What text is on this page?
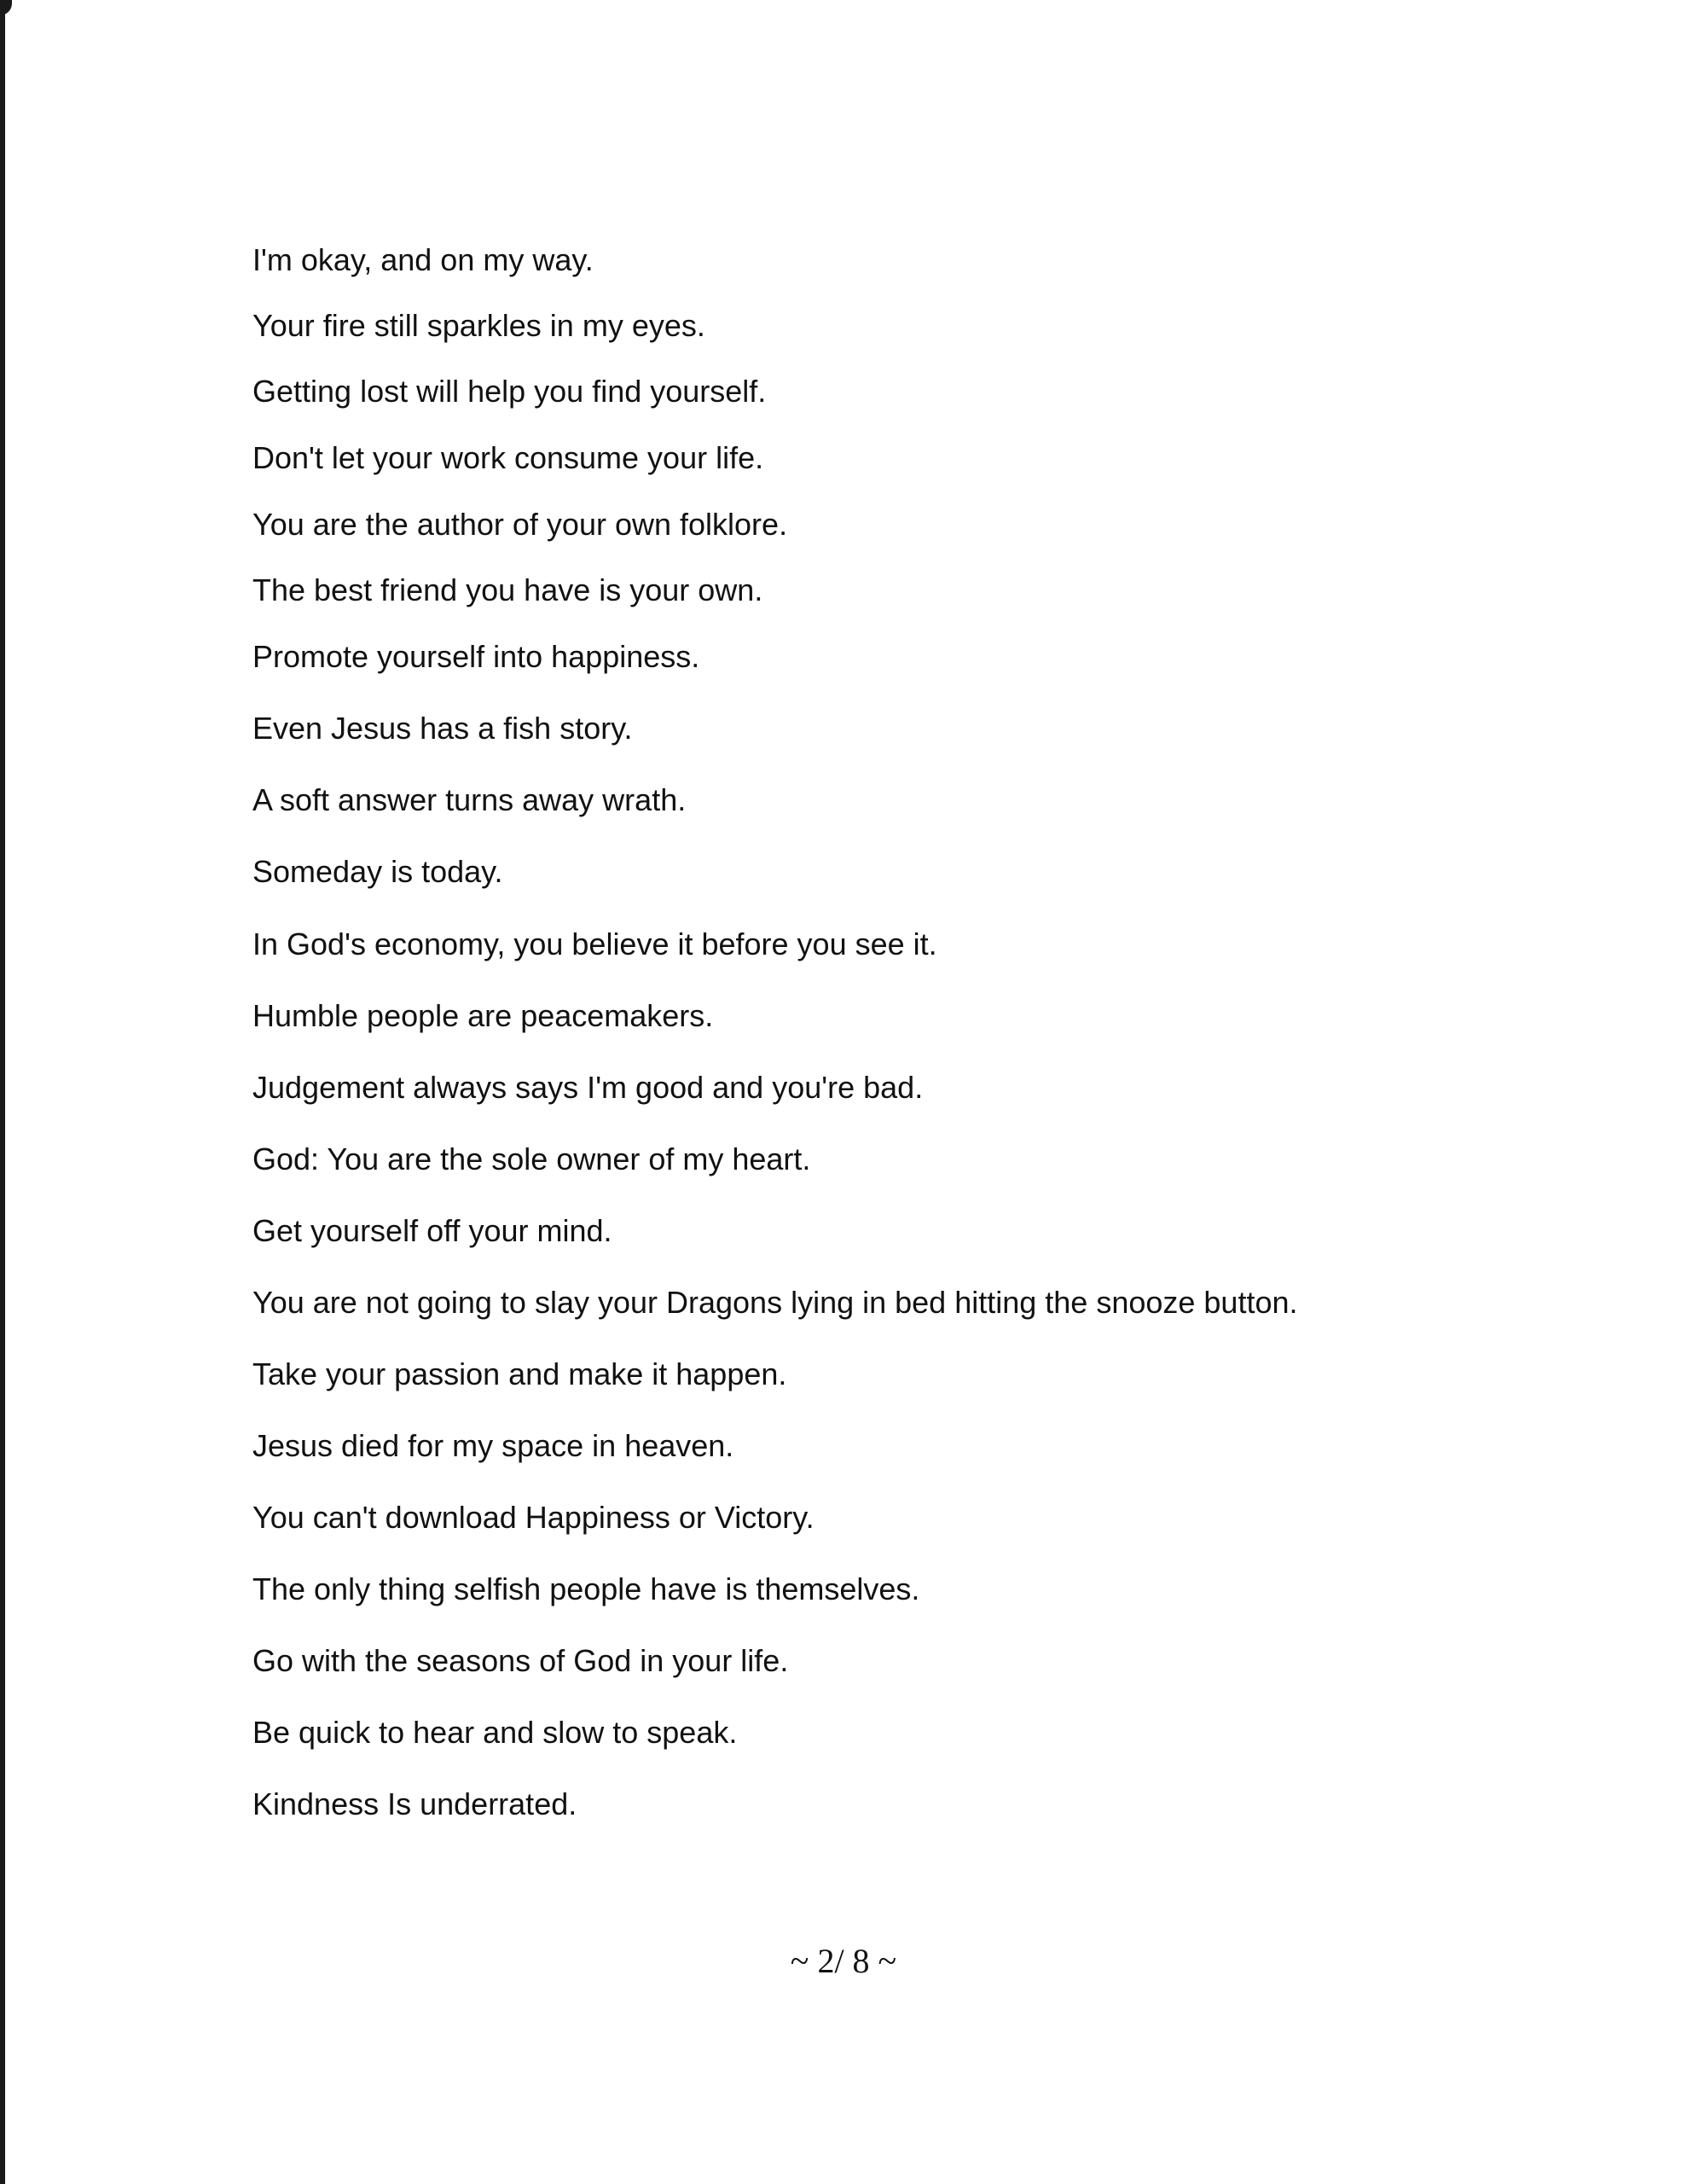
I'm okay, and on my way.
Your fire still sparkles in my eyes.
Getting lost will help you find yourself.
Don't let your work consume your life.
You are the author of your own folklore.
The best friend you have is your own.
Promote yourself into happiness.
Even Jesus has a fish story.
A soft answer turns away wrath.
Someday is today.
In God's economy, you believe it before you see it.
Humble people are peacemakers.
Judgement always says I'm good and you're bad.
God: You are the sole owner of my heart.
Get yourself off your mind.
You are not going to slay your Dragons lying in bed hitting the snooze button.
Take your passion and make it happen.
Jesus died for my space in heaven.
You can't download Happiness or Victory.
The only thing selfish people have is themselves.
Go with the seasons of God in your life.
Be quick to hear and slow to speak.
Kindness Is underrated.
~ 2/ 8 ~
